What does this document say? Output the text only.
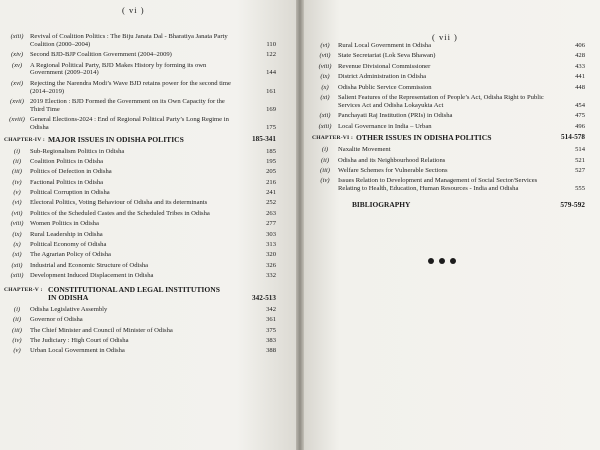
( vi )
(xiii) Revival of Coalition Politics : The Biju Janata Dal - Bharatiya Janata Party Coalition (2000–2004)	110
(xiv)	Second BJD-BJP Coalition Government (2004–2009)	122
(xv)	A Regional Political Party, BJD Makes History by forming its own Government (2009–2014)	144
(xvi)	Rejecting the Narendra Modi’s Wave BJD retains power for the second time (2014–2019)	161
(xvii) 2019 Election : BJD Formed the Government on its Own Capacity for the Third Time	169
(xviii) General Elections-2024 : End of Regional Political Party’s Long Regime in Odisha	175
CHAPTER-IV : MAJOR ISSUES IN ODISHA POLITICS	185-341
(i)	Sub-Regionalism Politics in Odisha	185
(ii)	Coalition Politics in Odisha	195
(iii)	Politics of Defection in Odisha	205
(iv)	Factional Politics in Odisha	216
(v)	Political Corruption in Odisha	241
(vi)	Electoral Politics, Voting Behaviour of Odisha and its determinants	252
(vii)	Politics of the Scheduled Castes and the Scheduled Tribes in Odisha	263
(viii) Women Politics in Odisha	277
(ix)	Rural Leadership in Odisha	303
(x)	Political Economy of Odisha	313
(xi)	The Agrarian Policy of Odisha	320
(xii)	Industrial and Economic Structure of Odisha	326
(xiii) Development Induced Displacement in Odisha	332
CHAPTER-V : CONSTITUTIONAL AND LEGAL INSTITUTIONS IN ODISHA	342-513
(i)	Odisha Legislative Assembly	342
(ii)	Governor of Odisha	361
(iii)	The Chief Minister and Council of Minister of Odisha	375
(iv)	The Judiciary : High Court of Odisha	383
(v)	Urban Local Government in Odisha	388
( vii )
(vi)	Rural Local Government in Odisha	406
(vii)	State Secretariat (Lok Seva Bhawan)	428
(viii) Revenue Divisional Commissioner	433
(ix)	District Administration in Odisha	441
(x)	Odisha Public Service Commission	448
(xi)	Salient Features of the Representation of People’s Act, Odisha Right to Public Services Act and Odisha Lokayukta Act	454
(xii)	Panchayati Raj Institution (PRIs) in Odisha	475
(xiii) Local Governance in India – Urban	496
CHAPTER-VI : OTHER ISSUES IN ODISHA POLITICS	514-578
(i)	Naxalite Movement	514
(ii)	Odisha and its Neighbourhood Relations	521
(iii)	Welfare Schemes for Vulnerable Sections	527
(iv)	Issues Relation to Development and Management of Social Sector/Services Relating to Health, Education, Human Resources - India and Odisha	555
BIBLIOGRAPHY	579-592
